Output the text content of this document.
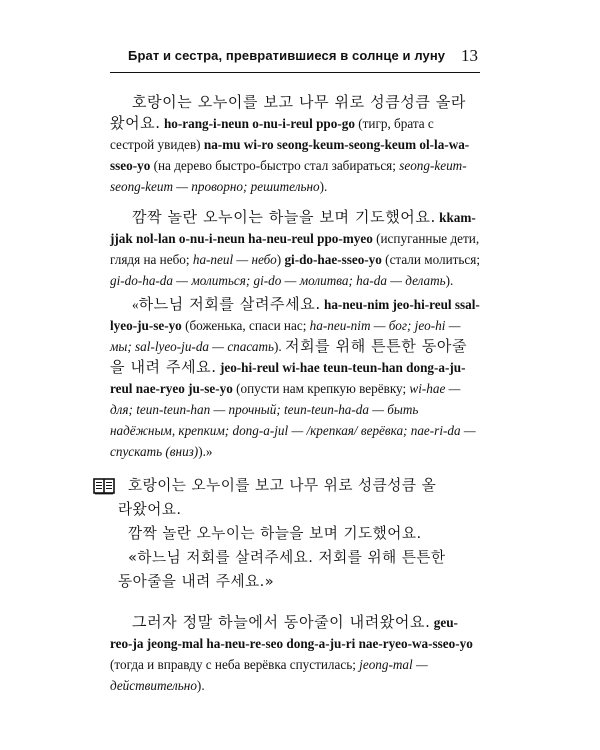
Брат и сестра, превратившиеся в солнце и луну 13

호랑이는 오누이를 보고 나무 위로 성큼성큼 올라 왔어요. ho-rang-i-neun o-nu-i-reul ppo-go (тигр, брата с сестрой увидев) na-mu wi-ro seong-keum-seong-keum ol-la-wa-sseo-yo (на дерево быстро-быстро стал забираться; seong-keum-seong-keum — проворно; решительно).

깜짝 놀란 오누이는 하늘을 보며 기도했어요. kkam-jjak nol-lan o-nu-i-neun ha-neu-reul ppo-myeo (испуганные дети, глядя на небо; ha-neul — небо) gi-do-hae-sseo-yo (стали молиться; gi-do-ha-da — молиться; gi-do — молитва; ha-da — делать).

«하느님 저회를 살려주세요. ha-neu-nim jeo-hi-reul ssal-lyeo-ju-se-yo (боженька, спаси нас; ha-neu-nim — бог; jeo-hi — мы; sal-lyeo-ju-da — спасать). 저회를 위해 튼튼한 동아줄을 내려 주세요. jeo-hi-reul wi-hae teun-teun-han dong-a-ju-reul nae-ryeo ju-se-yo (опусти нам крепкую верёвку; wi-hae — для; teun-teun-han — прочный; teun-teun-ha-da — быть надёжным, крепким; dong-a-jul — /крепкая/ верёвка; nae-ri-da — спускать (вниз)).»

호랑이는 오누이를 보고 나무 위로 성큼성큼 올

라왔어요.

깜짝 놀란 오누이는 하늘을 보며 기도했어요.

«하느님 저회를 살려주세요. 저회를 위해 튼튼한

동아줄을 내려 주세요.»

그러자 정말 하늘에서 동아줄이 내려왔어요. geu-reo-ja jeong-mal ha-neu-re-seo dong-a-ju-ri nae-ryeo-wa-sseo-yo (тогда и вправду с неба верёвка спустилась; jeong-mal — действительно).
